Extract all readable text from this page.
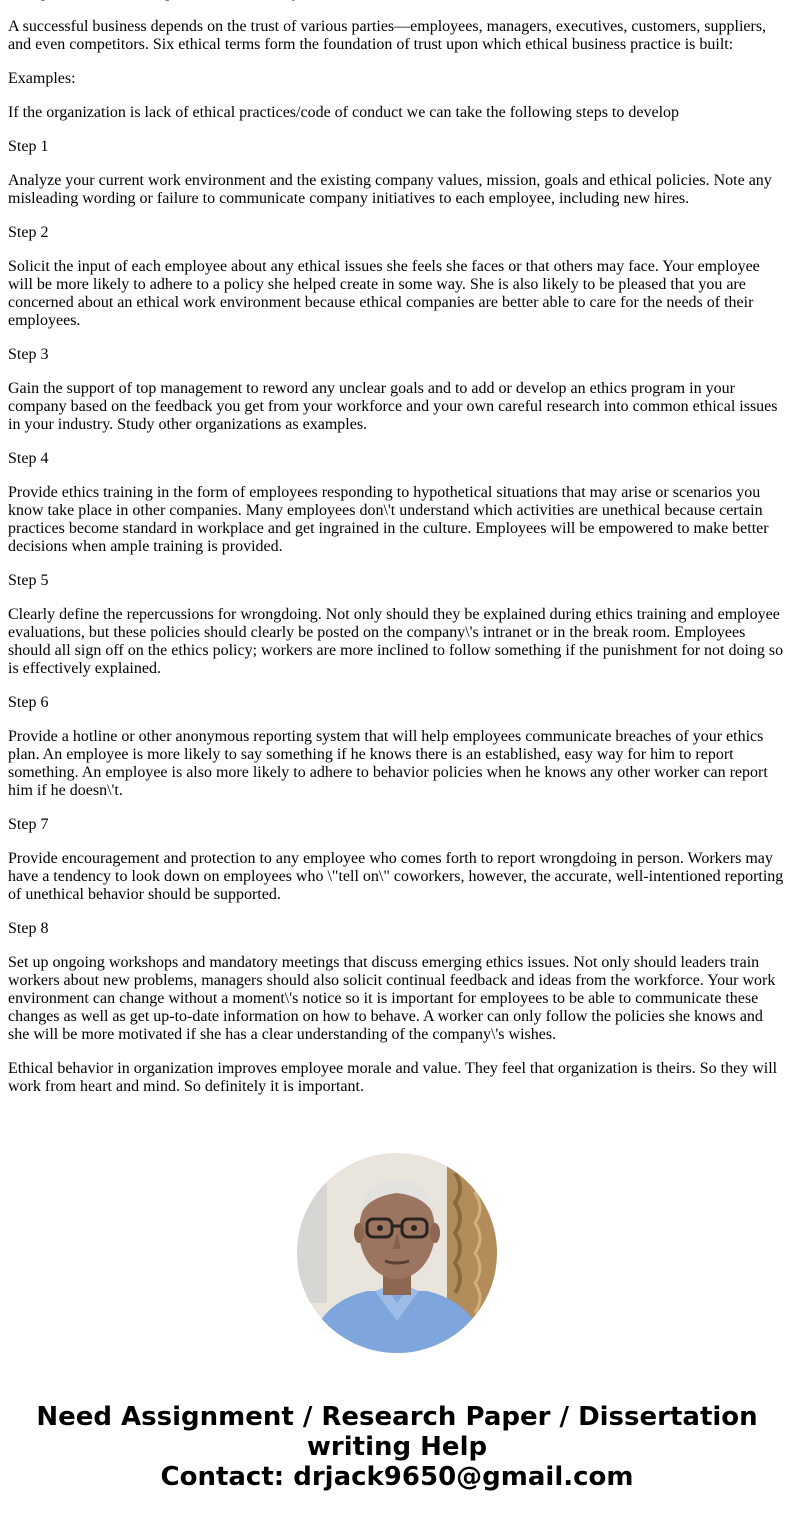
A successful business depends on the trust of various parties—employees, managers, executives, customers, suppliers, and even competitors. Six ethical terms form the foundation of trust upon which ethical business practice is built:

Examples:

If the organization is lack of ethical practices/code of conduct we can take the following steps to develop

Step 1

Analyze your current work environment and the existing company values, mission, goals and ethical policies. Note any misleading wording or failure to communicate company initiatives to each employee, including new hires.

Step 2

Solicit the input of each employee about any ethical issues she feels she faces or that others may face. Your employee will be more likely to adhere to a policy she helped create in some way. She is also likely to be pleased that you are concerned about an ethical work environment because ethical companies are better able to care for the needs of their employees.

Step 3

Gain the support of top management to reword any unclear goals and to add or develop an ethics program in your company based on the feedback you get from your workforce and your own careful research into common ethical issues in your industry. Study other organizations as examples.

Step 4

Provide ethics training in the form of employees responding to hypothetical situations that may arise or scenarios you know take place in other companies. Many employees don\'t understand which activities are unethical because certain practices become standard in workplace and get ingrained in the culture. Employees will be empowered to make better decisions when ample training is provided.

Step 5

Clearly define the repercussions for wrongdoing. Not only should they be explained during ethics training and employee evaluations, but these policies should clearly be posted on the company\'s intranet or in the break room. Employees should all sign off on the ethics policy; workers are more inclined to follow something if the punishment for not doing so is effectively explained.

Step 6

Provide a hotline or other anonymous reporting system that will help employees communicate breaches of your ethics plan. An employee is more likely to say something if he knows there is an established, easy way for him to report something. An employee is also more likely to adhere to behavior policies when he knows any other worker can report him if he doesn\'t.

Step 7

Provide encouragement and protection to any employee who comes forth to report wrongdoing in person. Workers may have a tendency to look down on employees who \"tell on\" coworkers, however, the accurate, well-intentioned reporting of unethical behavior should be supported.

Step 8

Set up ongoing workshops and mandatory meetings that discuss emerging ethics issues. Not only should leaders train workers about new problems, managers should also solicit continual feedback and ideas from the workforce. Your work environment can change without a moment\'s notice so it is important for employees to be able to communicate these changes as well as get up-to-date information on how to behave. A worker can only follow the policies she knows and she will be more motivated if she has a clear understanding of the company\'s wishes.

Ethical behavior in organization improves employee morale and value. They feel that organization is theirs. So they will work from heart and mind. So definitely it is important.

Need Assignment / Research Paper / Dissertation
writing Help
Contact: drjack9650@gmail.com
